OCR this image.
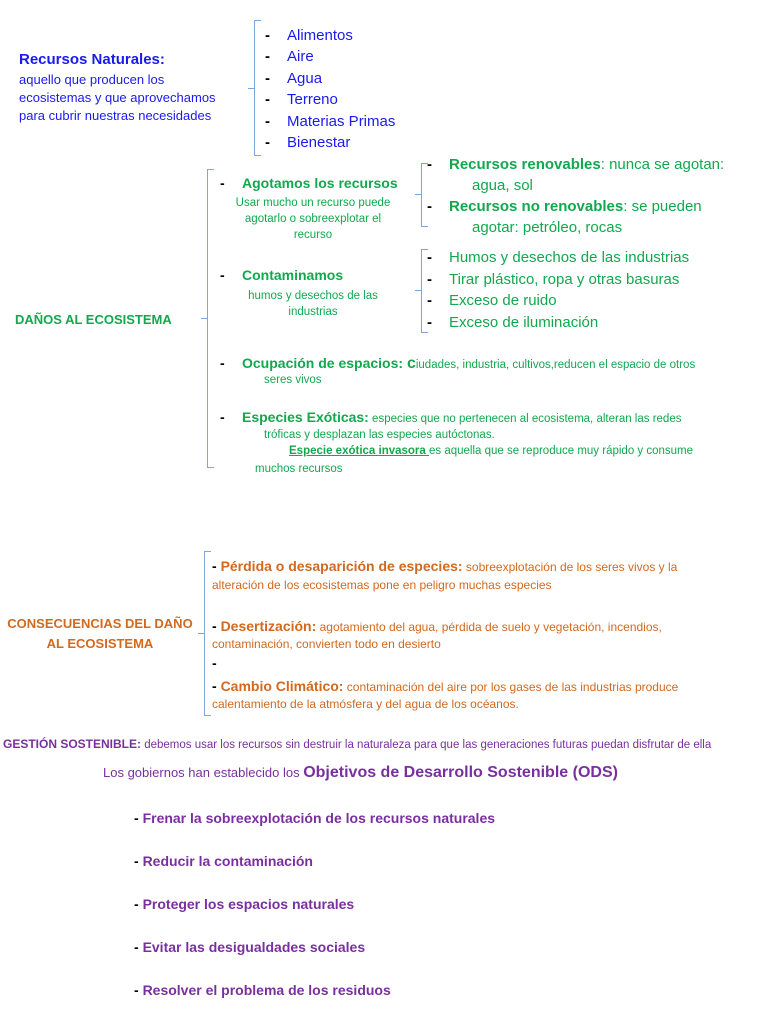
Recursos Naturales:
aquello que producen los
ecosistemas y que aprovechamos
para cubrir nuestras necesidades
- Alimentos
- Aire
- Agua
- Terreno
- Materias Primas
- Bienestar
DAÑOS AL ECOSISTEMA
- Agotamos los recursos
Usar mucho un recurso puede
agotarlo o sobreexplotar el
recurso
- Recursos renovables: nunca se agotan:
agua, sol
- Recursos no renovables: se pueden
agotar: petróleo, rocas
- Contaminamos
humos y desechos de las
industrias
- Humos y desechos de las industrias
- Tirar plástico, ropa y otras basuras
- Exceso de ruido
- Exceso de iluminación
- Ocupación de espacios: ciudades, industria, cultivos,reducen el espacio de otros
seres vivos
- Especies Exóticas: especies que no pertenecen al ecosistema, alteran las redes
tróficas y desplazan las especies autóctonas.
Especie exótica invasora es aquella que se reproduce muy rápido y consume
muchos recursos
CONSECUENCIAS DEL DAÑO
AL ECOSISTEMA
- Pérdida o desaparición de especies: sobreexplotación de los seres vivos y la
alteración de los ecosistemas pone en peligro muchas especies
- Desertización: agotamiento del agua, pérdida de suelo y vegetación, incendios,
contaminación, convierten todo en desierto
-
- Cambio Climático: contaminación del aire por los gases de las industrias produce
calentamiento de la atmósfera y del agua de los océanos.
GESTIÓN SOSTENIBLE: debemos usar los recursos sin destruir la naturaleza para que las generaciones futuras puedan disfrutar de ella
Los gobiernos han establecido los Objetivos de Desarrollo Sostenible (ODS)
- Frenar la sobreexplotación de los recursos naturales
- Reducir la contaminación
- Proteger los espacios naturales
- Evitar las desigualdades sociales
- Resolver el problema de los residuos
